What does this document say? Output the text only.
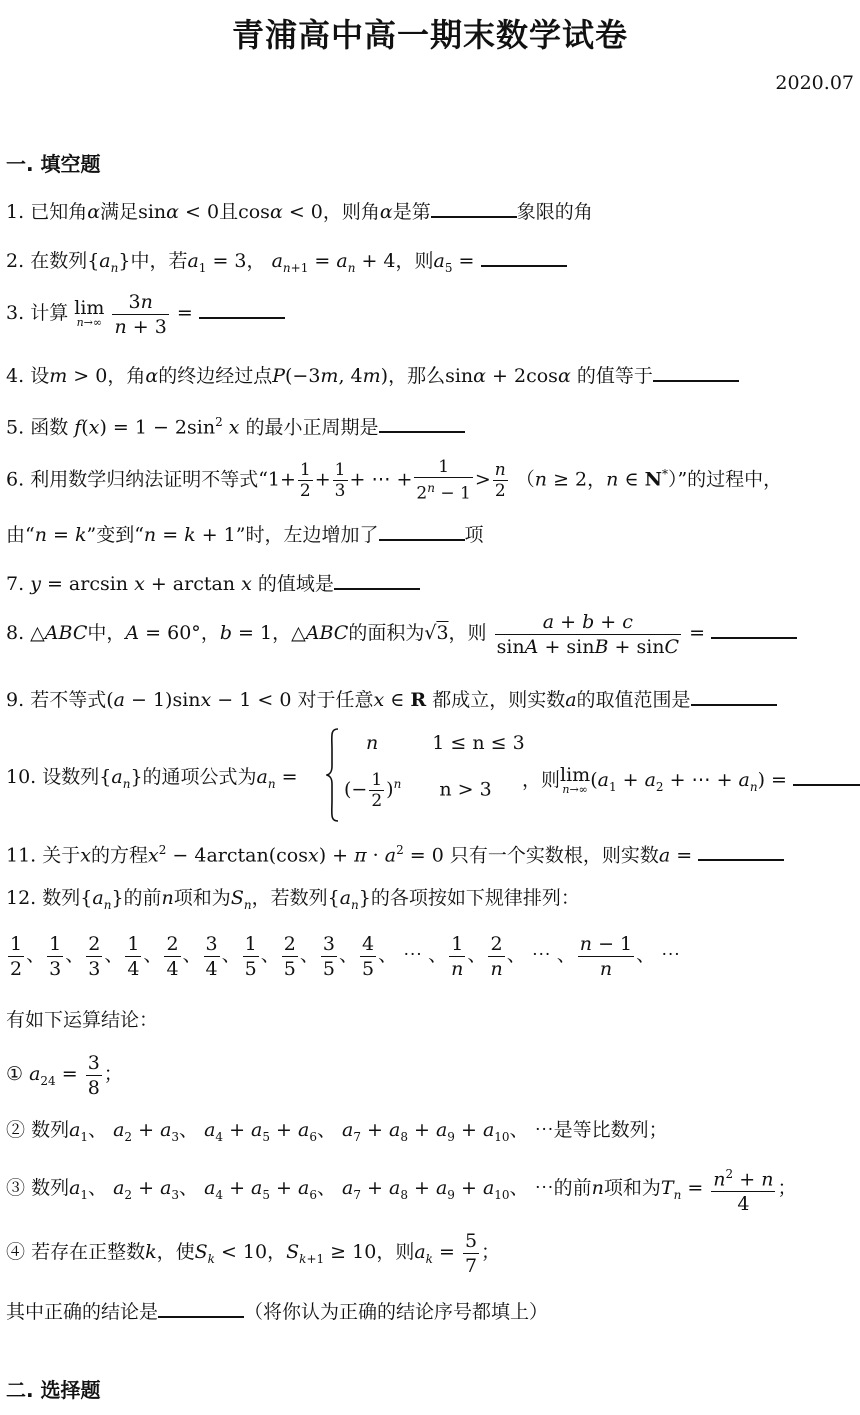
青浦高中高一期末数学试卷
2020.07
一. 填空题
1. 已知角α满足sinα < 0且cosα < 0，则角α是第	象限的角
2. 在数列$\{a_n\}$中，若$a_1 = 3$， $a_{n+1} = a_n + 4$，则$a_5$ =
3. 计算 lim
n→∞
$\frac{3n}{n + 3}$ =
4. 设m > 0，角α的终边经过点P(−3m, 4m)，那么sinα + 2cosα 的值等于
5. 函数 $f(x) = 1 - 2\sin^2$ x 的最小正周期是
6. 利用数学归纳法证明不等式“$1+ \frac{1}{2} + \frac{1}{3}$ + ⋯ + $\frac{1}{2^n - 1} > \frac{n}{2} (n \ge 2$，n ∈ N*）”的过程中，
由“n = k”变到“n = k + 1”时，左边增加了	项
7. y = arcsin x + arctan x 的值域是
8. △ABC中，A = 60°，b = 1，△ABC的面积为√3，则 $\frac{a + b + c}{\sin A + \sin B + \sin C}$ =
9. 若不等式(a − 1)sinx − 1 < 0 对于任意x ∈ R 都成立，则实数a的取值范围是
10. 设数列$\{a_n\}$的通项公式为$a_n$ =
n	1 ≤ n ≤ 3
(− $\frac{1}{2} )^n$ n > 3 ，则lim
n→∞ ($a_1 + a_2$ + ⋯ + $a_n$) =
11. 关于x的方程$x^2 - 4\arctan(\cos x) + \pi \cdot a^2 = 0$ 只有一个实数根，则实数a =
12. 数列$\{a_n\}$的前n项和为$S_n$，若数列$\{a_n\}$的各项按如下规律排列：
$\frac{1}{2}$ 、 $\frac{1}{3}$ 、 $\frac{2}{3}$ 、 $\frac{1}{4}$ 、 $\frac{2}{4}$ 、 $\frac{3}{4}$ 、 $\frac{1}{5}$ 、 $\frac{2}{5}$ 、 $\frac{3}{5}$ 、 $\frac{4}{5}$ 、 ⋯ 、 $\frac{1}{n}$ 、 $\frac{2}{n}$ 、 ⋯ 、 $\frac{n - 1}{n}$ 、 ⋯
有如下运算结论：
① $a_{24} = \frac{3}{8}$ ；
② 数列$a_1$、 $a_2 + a_3$、 $a_4 + a_5 + a_6$、 $a_7 + a_8 + a_9 + a_{10}$、 ⋯是等比数列；
③ 数列$a_1$、 $a_2 + a_3$、 $a_4 + a_5 + a_6$、 $a_7 + a_8 + a_9 + a_{10}$、 ⋯的前n项和为$T_n = \frac{n^2 + n}{4}$ ；
④ 若存在正整数k，使$S_k < 10$，$S_{k+1} \ge 10$，则$a_k = \frac{5}{7}$ ；
其中正确的结论是	（将你认为正确的结论序号都填上）
二. 选择题
